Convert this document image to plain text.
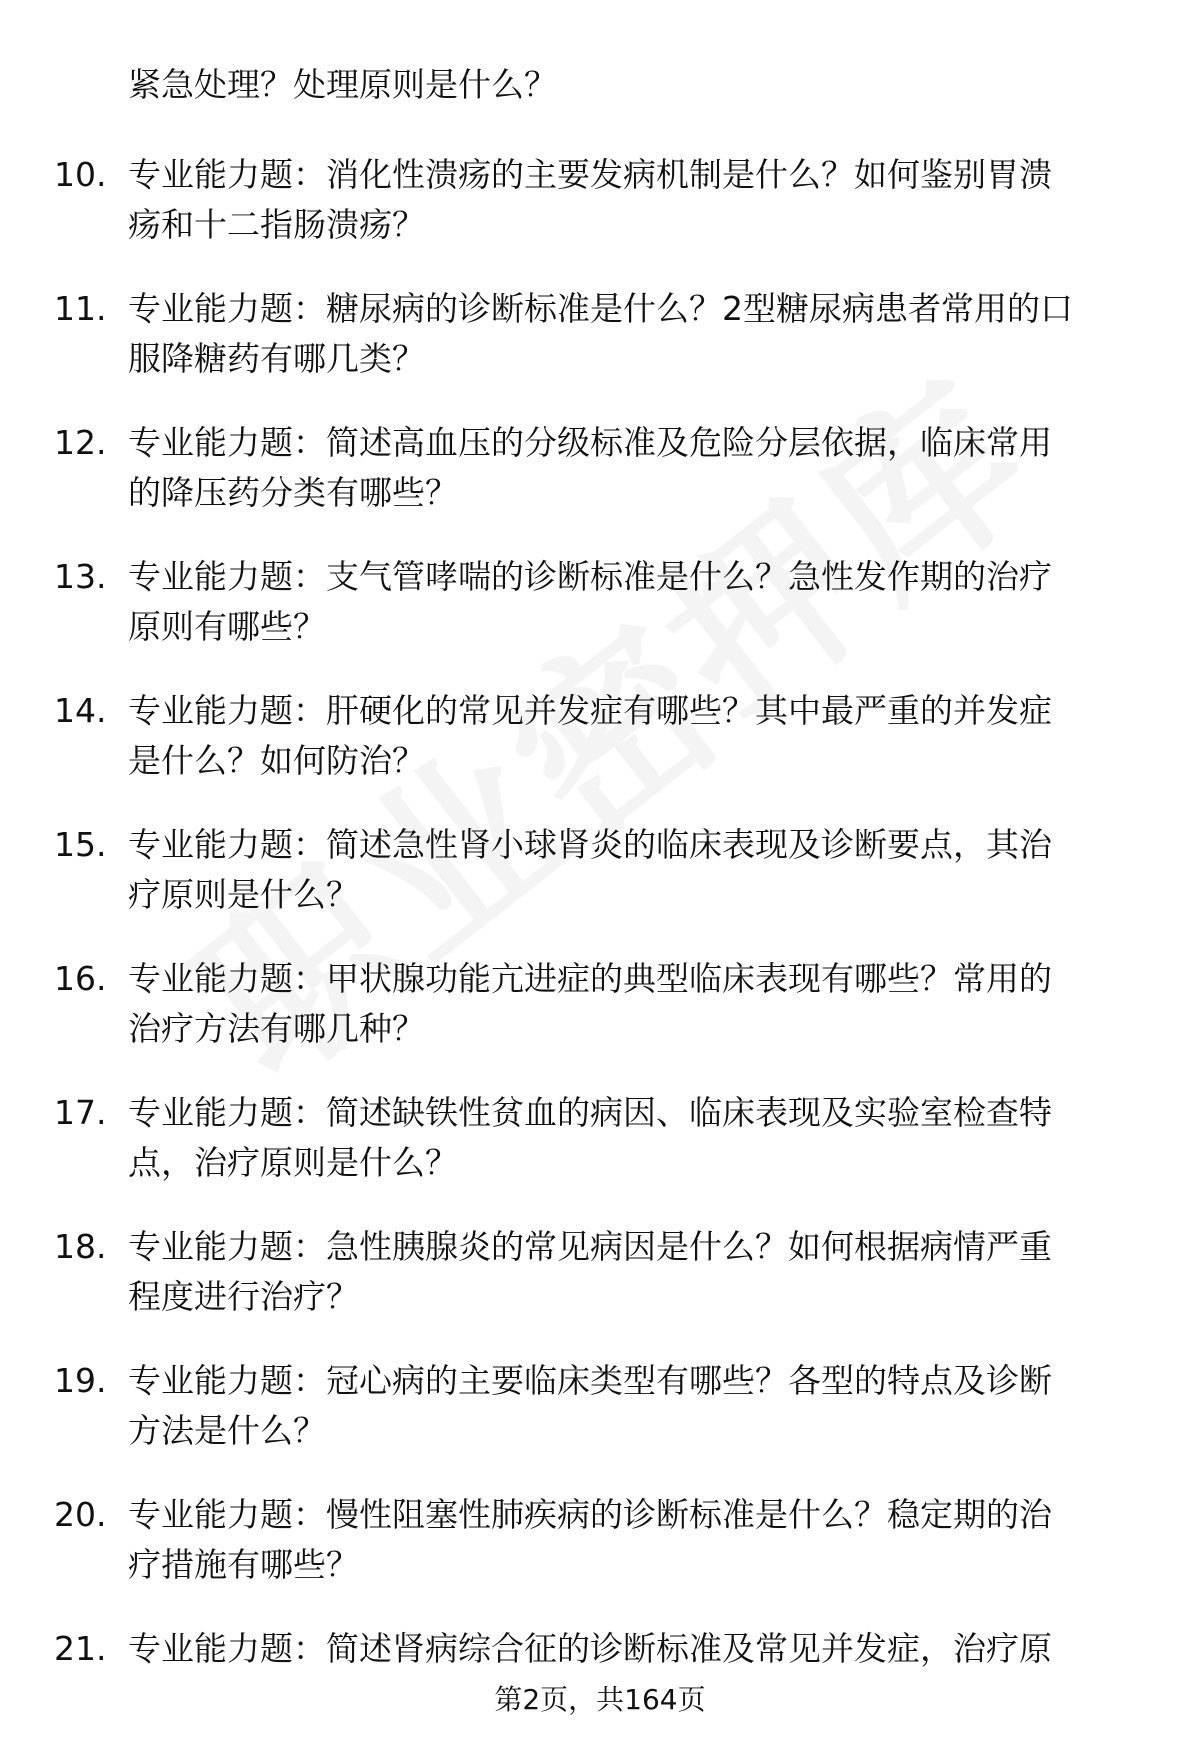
紧急处理？处理原则是什么？
10. 专业能力题：消化性溃疡的主要发病机制是什么？如何鉴别胃溃
疡和十二指肠溃疡？
11. 专业能力题：糖尿病的诊断标准是什么？2型糖尿病患者常用的口
服降糖药有哪几类？
12. 专业能力题：简述高血压的分级标准及危险分层依据，临床常用
的降压药分类有哪些？
13. 专业能力题：支气管哮喘的诊断标准是什么？急性发作期的治疗
原则有哪些？
14. 专业能力题：肝硬化的常见并发症有哪些？其中最严重的并发症
是什么？如何防治？
15. 专业能力题：简述急性肾小球肾炎的临床表现及诊断要点，其治
疗原则是什么？
16. 专业能力题：甲状腺功能亢进症的典型临床表现有哪些？常用的
治疗方法有哪几种？
17. 专业能力题：简述缺铁性贫血的病因、临床表现及实验室检查特
点，治疗原则是什么？
18. 专业能力题：急性胰腺炎的常见病因是什么？如何根据病情严重
程度进行治疗？
19. 专业能力题：冠心病的主要临床类型有哪些？各型的特点及诊断
方法是什么？
20. 专业能力题：慢性阻塞性肺疾病的诊断标准是什么？稳定期的治
疗措施有哪些？
21. 专业能力题：简述肾病综合征的诊断标准及常见并发症，治疗原
第2页，共164页
